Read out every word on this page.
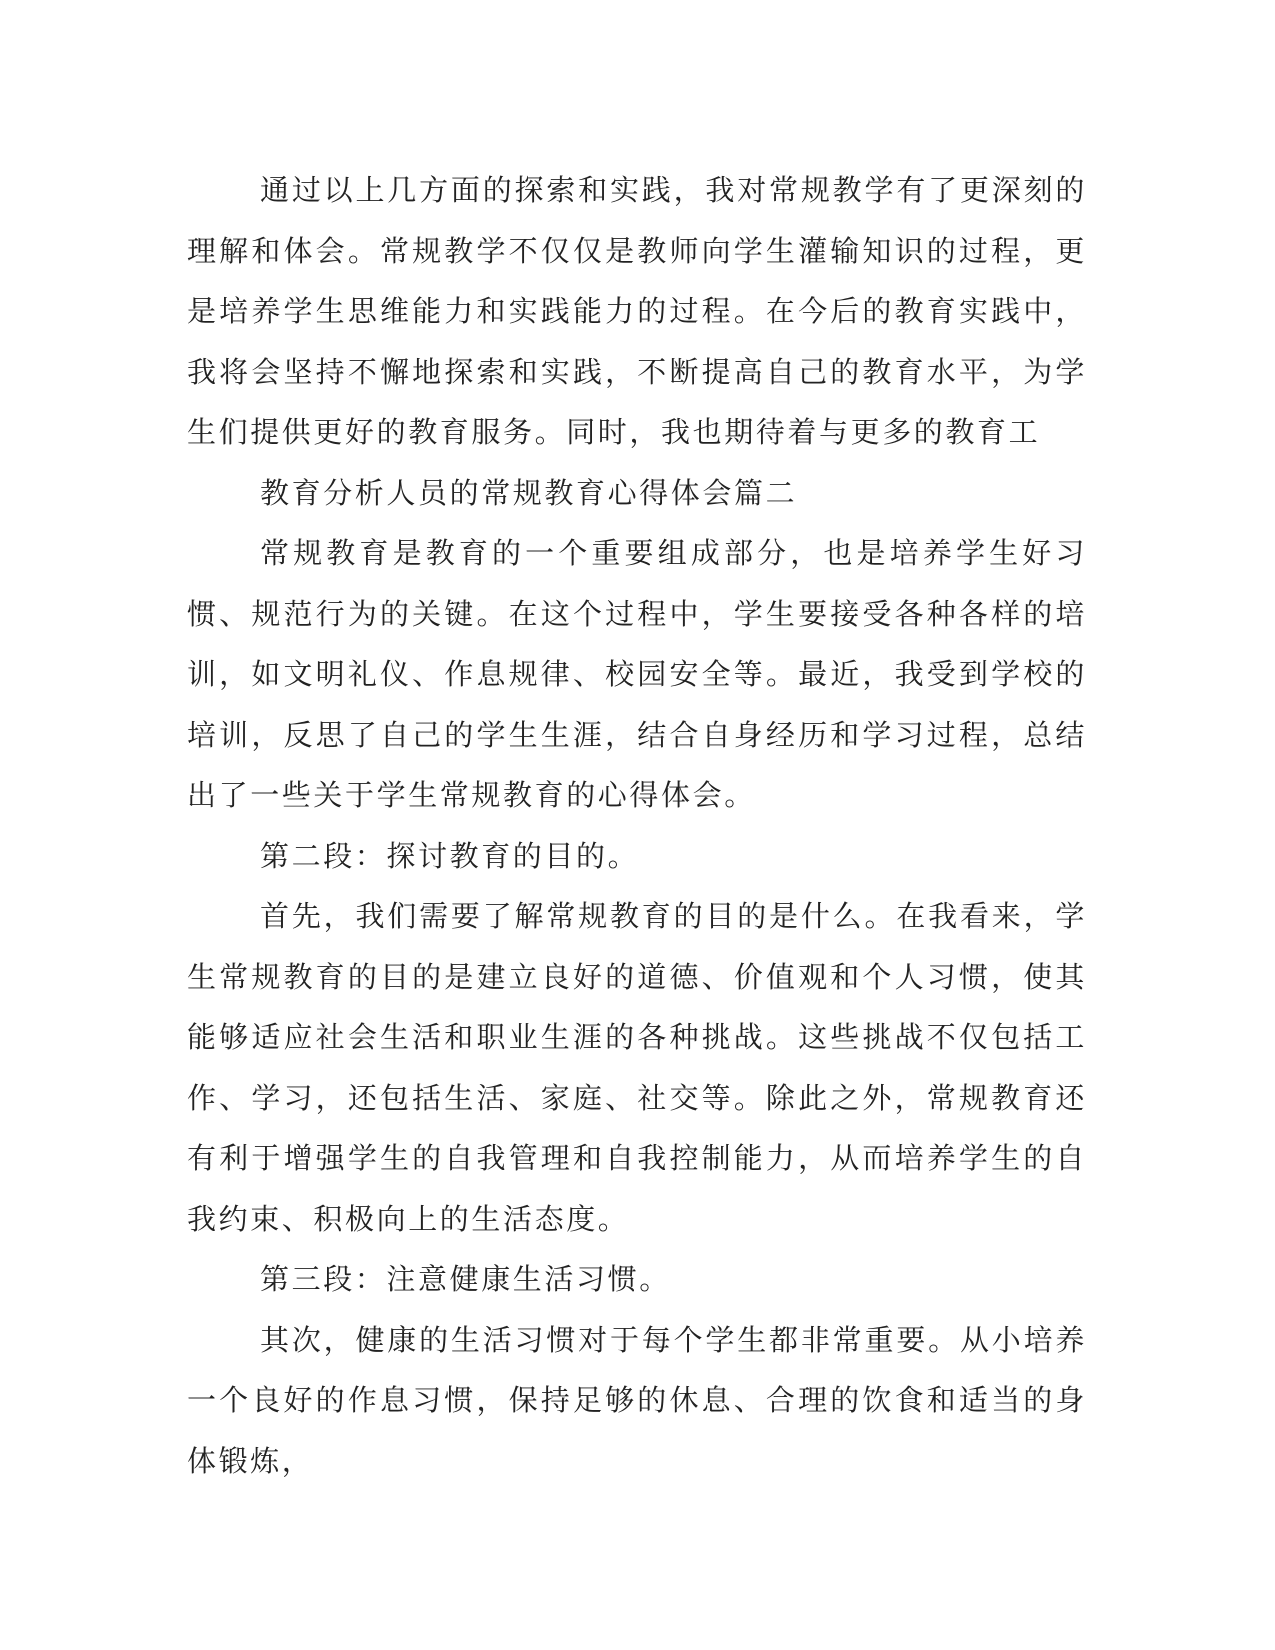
通过以上几方面的探索和实践，我对常规教学有了更深刻的理解和体会。常规教学不仅仅是教师向学生灌输知识的过程，更是培养学生思维能力和实践能力的过程。在今后的教育实践中，我将会坚持不懈地探索和实践，不断提高自己的教育水平，为学生们提供更好的教育服务。同时，我也期待着与更多的教育工

教育分析人员的常规教育心得体会篇二

常规教育是教育的一个重要组成部分，也是培养学生好习惯、规范行为的关键。在这个过程中，学生要接受各种各样的培训，如文明礼仪、作息规律、校园安全等。最近，我受到学校的培训，反思了自己的学生生涯，结合自身经历和学习过程，总结出了一些关于学生常规教育的心得体会。

第二段：探讨教育的目的。

首先，我们需要了解常规教育的目的是什么。在我看来，学生常规教育的目的是建立良好的道德、价值观和个人习惯，使其能够适应社会生活和职业生涯的各种挑战。这些挑战不仅包括工作、学习，还包括生活、家庭、社交等。除此之外，常规教育还有利于增强学生的自我管理和自我控制能力，从而培养学生的自我约束、积极向上的生活态度。

第三段：注意健康生活习惯。

其次，健康的生活习惯对于每个学生都非常重要。从小培养一个良好的作息习惯，保持足够的休息、合理的饮食和适当的身体锻炼，
